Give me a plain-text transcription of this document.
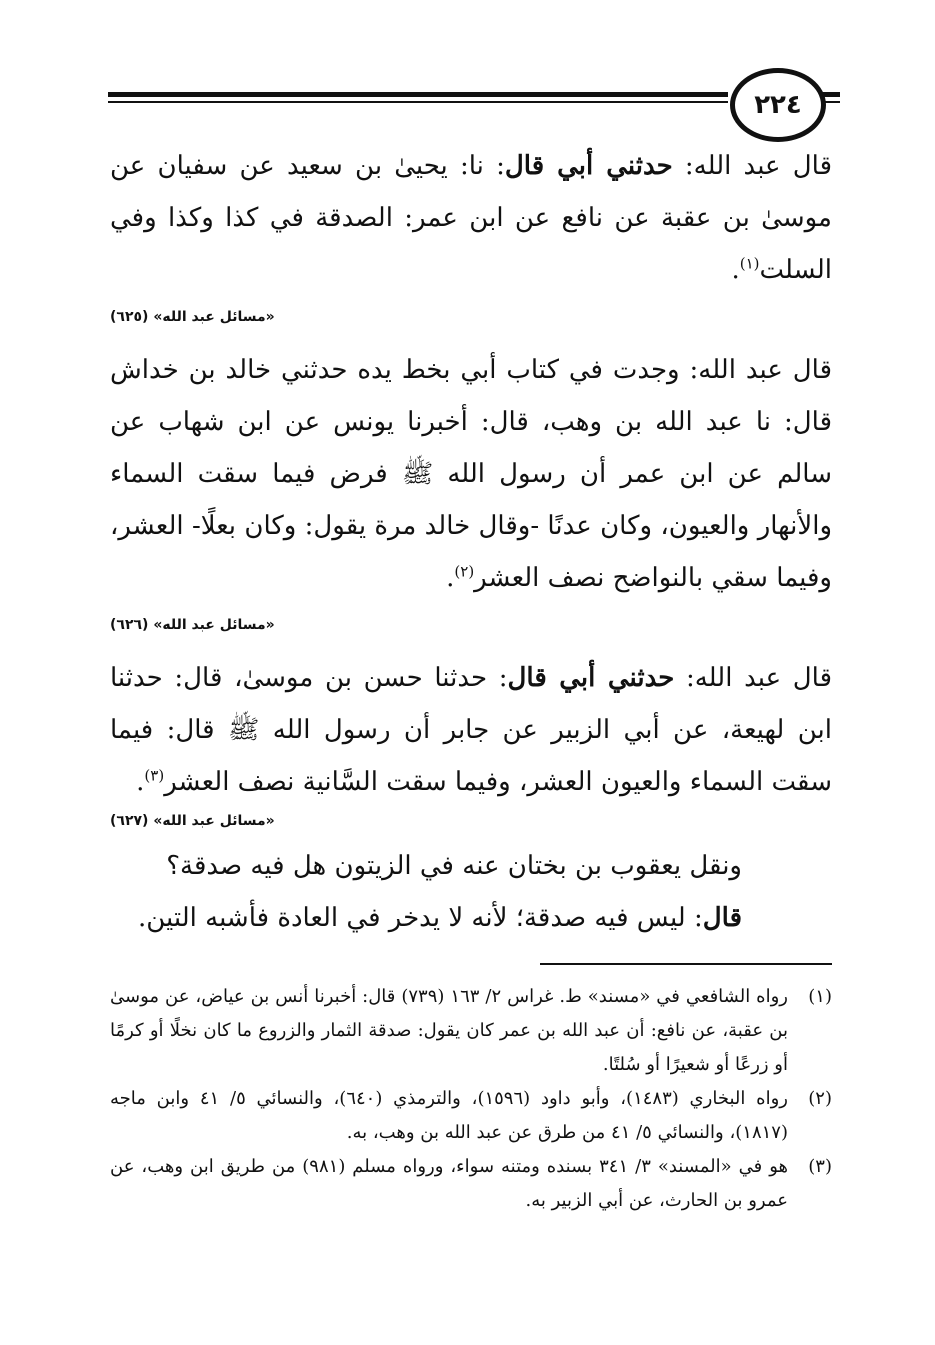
٢٢٤

قال عبد الله: حدثني أبي قال: نا: يحيىٰ بن سعيد عن سفيان عن موسىٰ بن عقبة عن نافع عن ابن عمر: الصدقة في كذا وكذا وفي السلت$^{(١)}$.

«مسائل عبد الله» (٦٢٥)

قال عبد الله: وجدت في كتاب أبي بخط يده حدثني خالد بن خداش قال: نا عبد الله بن وهب، قال: أخبرنا يونس عن ابن شهاب عن سالم عن ابن عمر أن رسول الله ﷺ فرض فيما سقت السماء والأنهار والعيون، وكان عدنًا -وقال خالد مرة يقول: وكان بعلًا- العشر، وفيما سقي بالنواضح نصف العشر$^{(٢)}$.

«مسائل عبد الله» (٦٢٦)

قال عبد الله: حدثني أبي قال: حدثنا حسن بن موسىٰ، قال: حدثنا ابن لهيعة، عن أبي الزبير عن جابر أن رسول الله ﷺ قال: فيما سقت السماء والعيون العشر، وفيما سقت السَّانية نصف العشر$^{(٣)}$.

«مسائل عبد الله» (٦٢٧)

ونقل يعقوب بن بختان عنه في الزيتون هل فيه صدقة؟

قال: ليس فيه صدقة؛ لأنه لا يدخر في العادة فأشبه التين.

(١)
رواه الشافعي في «مسند» ط. غراس ٢/ ١٦٣ (٧٣٩) قال: أخبرنا أنس بن عياض، عن موسىٰ بن عقبة، عن نافع: أن عبد الله بن عمر كان يقول: صدقة الثمار والزروع ما كان نخلًا أو كرمًا أو زرعًا أو شعيرًا أو سُلتًا.
(٢)
رواه البخاري (١٤٨٣)، وأبو داود (١٥٩٦)، والترمذي (٦٤٠)، والنسائي ٥/ ٤١ وابن ماجه (١٨١٧)، والنسائي ٥/ ٤١ من طرق عن عبد الله بن وهب، به.
(٣)
هو في «المسند» ٣/ ٣٤١ بسنده ومتنه سواء، ورواه مسلم (٩٨١) من طريق ابن وهب، عن عمرو بن الحارث، عن أبي الزبير به.
